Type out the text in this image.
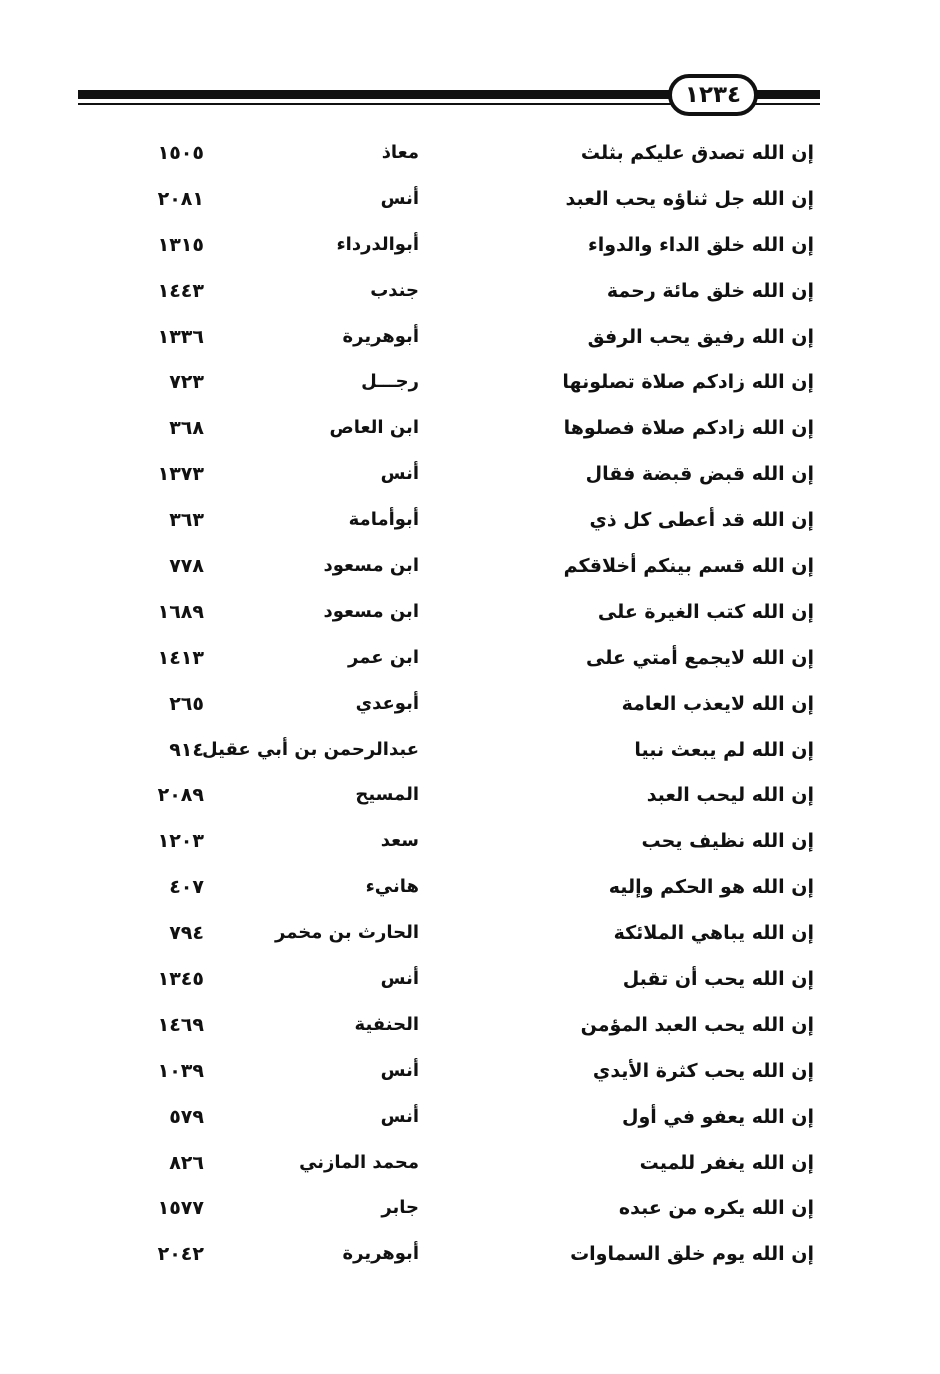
١٢٣٤
إن الله تصدق عليكم بثلث
معاذ
١٥٠٥
إن الله جل ثناؤه يحب العبد
أنس
٢٠٨١
إن الله خلق الداء والدواء
أبوالدرداء
١٣١٥
إن الله خلق مائة رحمة
جندب
١٤٤٣
إن الله رفيق يحب الرفق
أبوهريرة
١٣٣٦
إن الله زادكم صلاة تصلونها
رجـــل
٧٢٣
إن الله زادكم صلاة فصلوها
ابن العاص
٣٦٨
إن الله قبض قبضة فقال
أنس
١٣٧٣
إن الله قد أعطى كل ذي
أبوأمامة
٣٦٣
إن الله قسم بينكم أخلاقكم
ابن مسعود
٧٧٨
إن الله كتب الغيرة على
ابن مسعود
١٦٨٩
إن الله لايجمع أمتي على
ابن عمر
١٤١٣
إن الله لايعذب العامة
أبوعدي
٢٦٥
إن الله لم يبعث نبيا
عبدالرحمن بن أبي عقيل
٩١٤
إن الله ليحب العبد
المسيح
٢٠٨٩
إن الله نظيف يحب
سعد
١٢٠٣
إن الله هو الحكم وإليه
هانيء
٤٠٧
إن الله يباهي الملائكة
الحارث بن مخمر
٧٩٤
إن الله يحب أن تقبل
أنس
١٣٤٥
إن الله يحب العبد المؤمن
الحنفية
١٤٦٩
إن الله يحب كثرة الأيدي
أنس
١٠٣٩
إن الله يعفو في أول
أنس
٥٧٩
إن الله يغفر للميت
محمد المازني
٨٢٦
إن الله يكره من عبده
جابر
١٥٧٧
إن الله يوم خلق السماوات
أبوهريرة
٢٠٤٢
